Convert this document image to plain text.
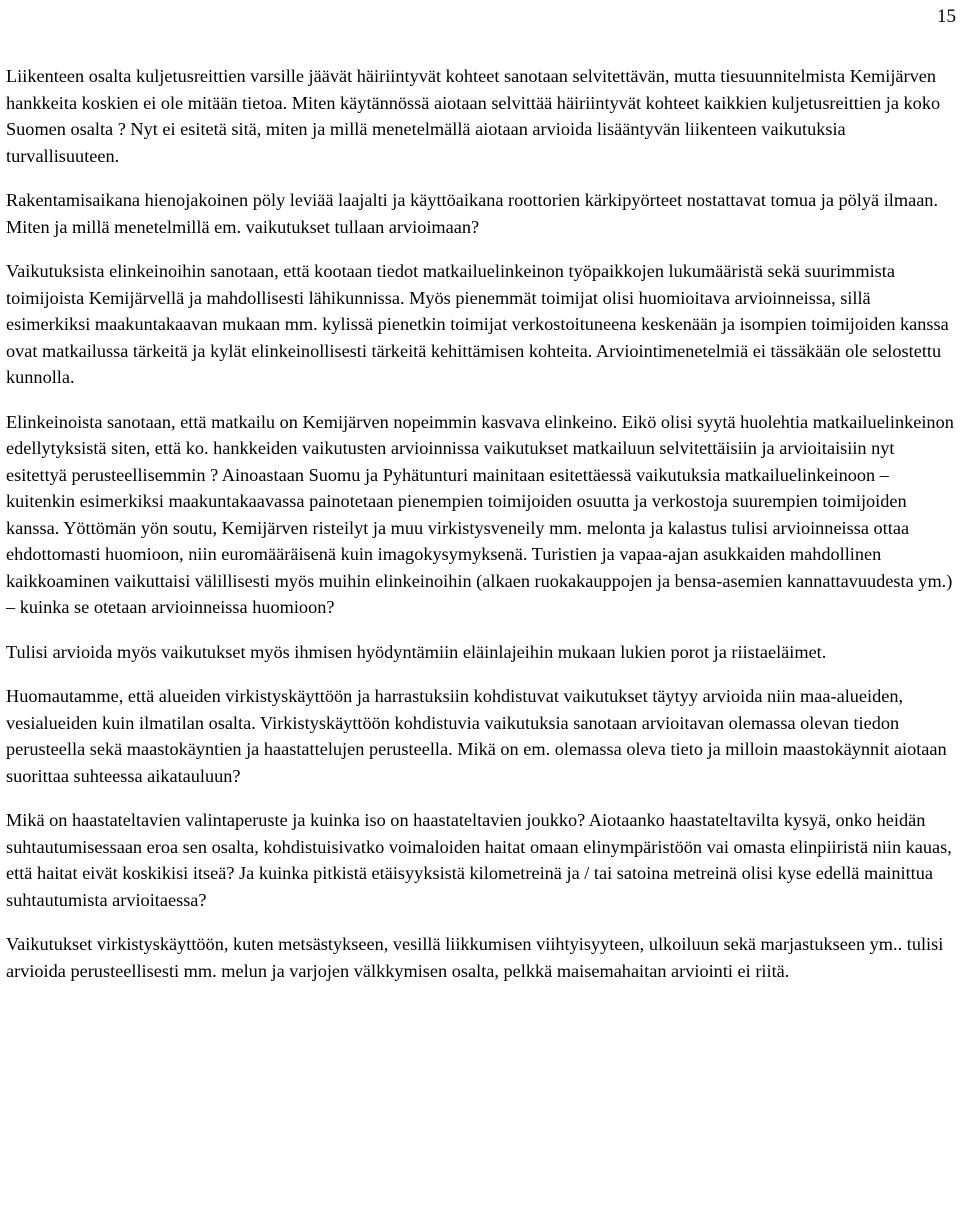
15

Liikenteen osalta kuljetusreittien varsille jäävät häiriintyvät kohteet sanotaan selvitettävän, mutta tiesuunnitelmista Kemijärven hankkeita koskien ei ole mitään tietoa. Miten käytännössä aiotaan selvittää häiriintyvät kohteet kaikkien kuljetusreittien ja koko Suomen osalta ? Nyt ei esitetä sitä, miten ja millä menetelmällä aiotaan arvioida lisääntyvän liikenteen vaikutuksia turvallisuuteen.

Rakentamisaikana hienojakoinen pöly leviää laajalti ja käyttöaikana roottorien kärkipyörteet nostattavat tomua ja pölyä ilmaan. Miten ja millä menetelmillä em. vaikutukset tullaan arvioimaan?

Vaikutuksista elinkeinoihin sanotaan, että kootaan tiedot matkailuelinkeinon työpaikkojen lukumääristä sekä suurimmista toimijoista Kemijärvellä ja mahdollisesti lähikunnissa. Myös pienemmät toimijat olisi huomioitava arvioinneissa, sillä esimerkiksi maakuntakaavan mukaan mm. kylissä pienetkin toimijat verkostoituneena keskenään ja isompien toimijoiden kanssa ovat matkailussa tärkeitä ja kylät elinkeinollisesti tärkeitä kehittämisen kohteita. Arviointimenetelmiä ei tässäkään ole selostettu kunnolla.

Elinkeinoista sanotaan, että matkailu on Kemijärven nopeimmin kasvava elinkeino. Eikö olisi syytä huolehtia matkailuelinkeinon edellytyksistä siten, että ko. hankkeiden vaikutusten arvioinnissa vaikutukset matkailuun selvitettäisiin ja arvioitaisiin nyt esitettyä perusteellisemmin ? Ainoastaan Suomu ja Pyhätunturi mainitaan esitettäessä vaikutuksia matkailuelinkeinoon – kuitenkin esimerkiksi maakuntakaavassa painotetaan pienempien toimijoiden osuutta ja verkostoja suurempien toimijoiden kanssa. Yöttömän yön soutu, Kemijärven risteilyt ja muu virkistysveneily mm. melonta ja kalastus tulisi arvioinneissa ottaa ehdottomasti huomioon, niin euromääräisenä kuin imagokysymyksenä. Turistien ja vapaa-ajan asukkaiden mahdollinen kaikkoaminen vaikuttaisi välillisesti myös muihin elinkeinoihin (alkaen ruokakauppojen ja bensa-asemien kannattavuudesta ym.) – kuinka se otetaan arvioinneissa huomioon?

Tulisi arvioida myös vaikutukset myös ihmisen hyödyntämiin eläinlajeihin mukaan lukien porot ja riistaeläimet.

Huomautamme, että alueiden virkistyskäyttöön ja harrastuksiin kohdistuvat vaikutukset täytyy arvioida niin maa-alueiden, vesialueiden kuin ilmatilan osalta. Virkistyskäyttöön kohdistuvia vaikutuksia sanotaan arvioitavan olemassa olevan tiedon perusteella sekä maastokäyntien ja haastattelujen perusteella. Mikä on em. olemassa oleva tieto ja milloin maastokäynnit aiotaan suorittaa suhteessa aikatauluun?

Mikä on haastateltavien valintaperuste ja kuinka iso on haastateltavien joukko? Aiotaanko haastateltavilta kysyä, onko heidän suhtautumisessaan eroa sen osalta, kohdistuisivatko voimaloiden haitat omaan elinympäristöön vai omasta elinpiiristä niin kauas, että haitat eivät koskikisi itseä? Ja kuinka pitkistä etäisyyksistä kilometreinä ja / tai satoina metreinä olisi kyse edellä mainittua suhtautumista arvioitaessa?

Vaikutukset virkistyskäyttöön, kuten metsästykseen, vesillä liikkumisen viihtyisyyteen, ulkoiluun sekä marjastukseen ym.. tulisi arvioida perusteellisesti mm. melun ja varjojen välkkymisen osalta, pelkkä maisemahaitan arviointi ei riitä.
